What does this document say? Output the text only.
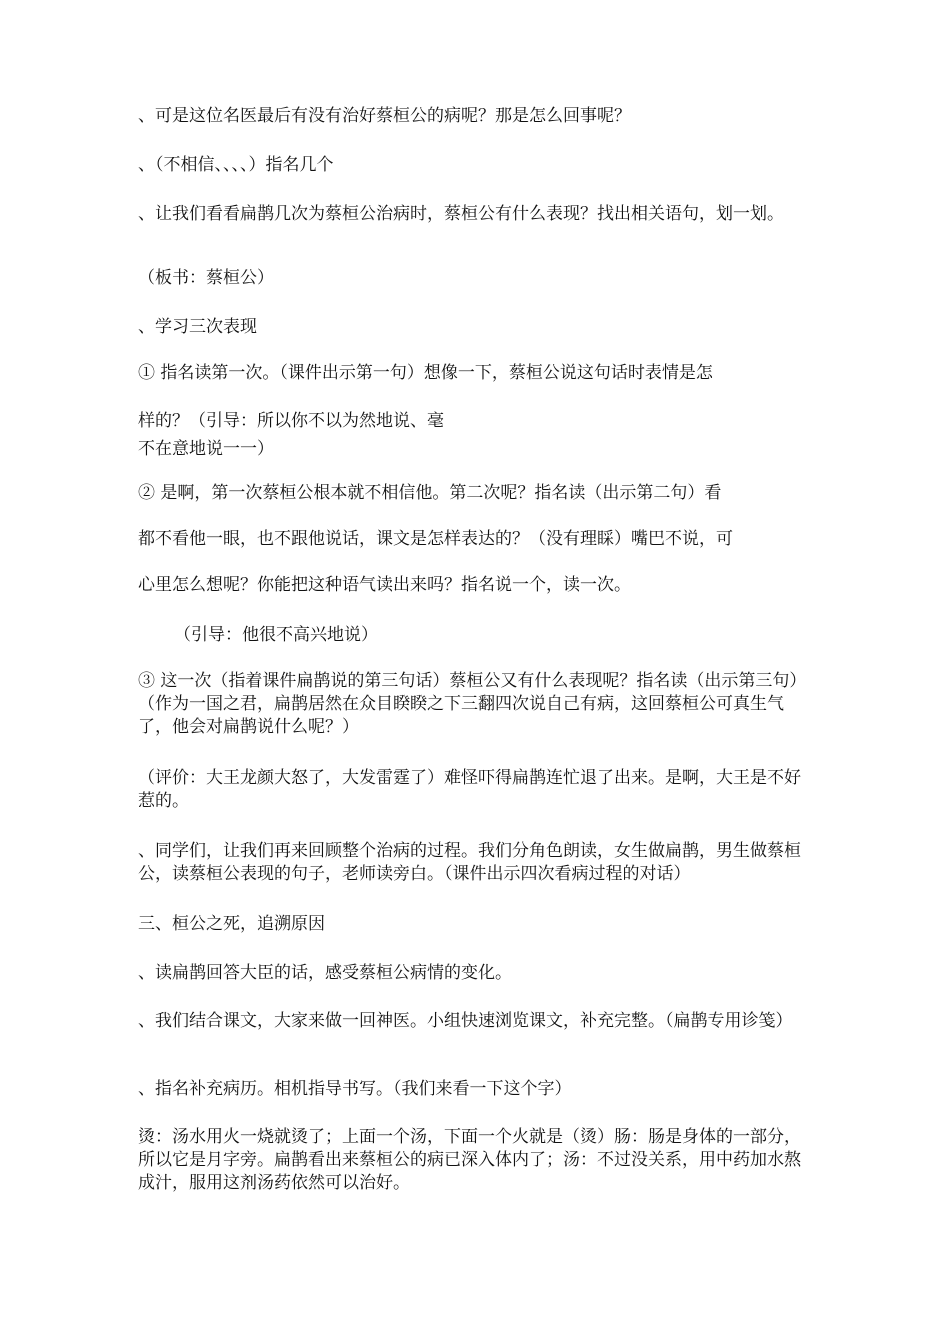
、可是这位名医最后有没有治好蔡桓公的病呢？那是怎么回事呢？

、（不相信、、、、）指名几个

、让我们看看扁鹊几次为蔡桓公治病时，蔡桓公有什么表现？找出相关语句，划一划。

（板书：蔡桓公）

、学习三次表现

① 指名读第一次。（课件出示第一句）想像一下，蔡桓公说这句话时表情是怎

样的？（引导：所以你不以为然地说、毫

不在意地说一一）

② 是啊，第一次蔡桓公根本就不相信他。第二次呢？指名读（出示第二句）看

都不看他一眼，也不跟他说话，课文是怎样表达的？（没有理睬）嘴巴不说，可

心里怎么想呢？你能把这种语气读出来吗？指名说一个，读一次。

（引导：他很不高兴地说）

③ 这一次（指着课件扁鹊说的第三句话）蔡桓公又有什么表现呢？指名读（出示第三句）（作为一国之君，扁鹊居然在众目睽睽之下三翻四次说自己有病，这回蔡桓公可真生气了，他会对扁鹊说什么呢？）

（评价：大王龙颜大怒了，大发雷霆了）难怪吓得扁鹊连忙退了出来。是啊，大王是不好惹的。

、同学们，让我们再来回顾整个治病的过程。我们分角色朗读，女生做扁鹊，男生做蔡桓公，读蔡桓公表现的句子，老师读旁白。（课件出示四次看病过程的对话）

三、桓公之死，追溯原因

、读扁鹊回答大臣的话，感受蔡桓公病情的变化。

、我们结合课文，大家来做一回神医。小组快速浏览课文，补充完整。（扁鹊专用诊笺）

、指名补充病历。相机指导书写。（我们来看一下这个字）

烫：汤水用火一烧就烫了；上面一个汤，下面一个火就是（烫）肠：肠是身体的一部分，所以它是月字旁。扁鹊看出来蔡桓公的病已深入体内了；汤：不过没关系，用中药加水熬成汁，服用这剂汤药依然可以治好。
